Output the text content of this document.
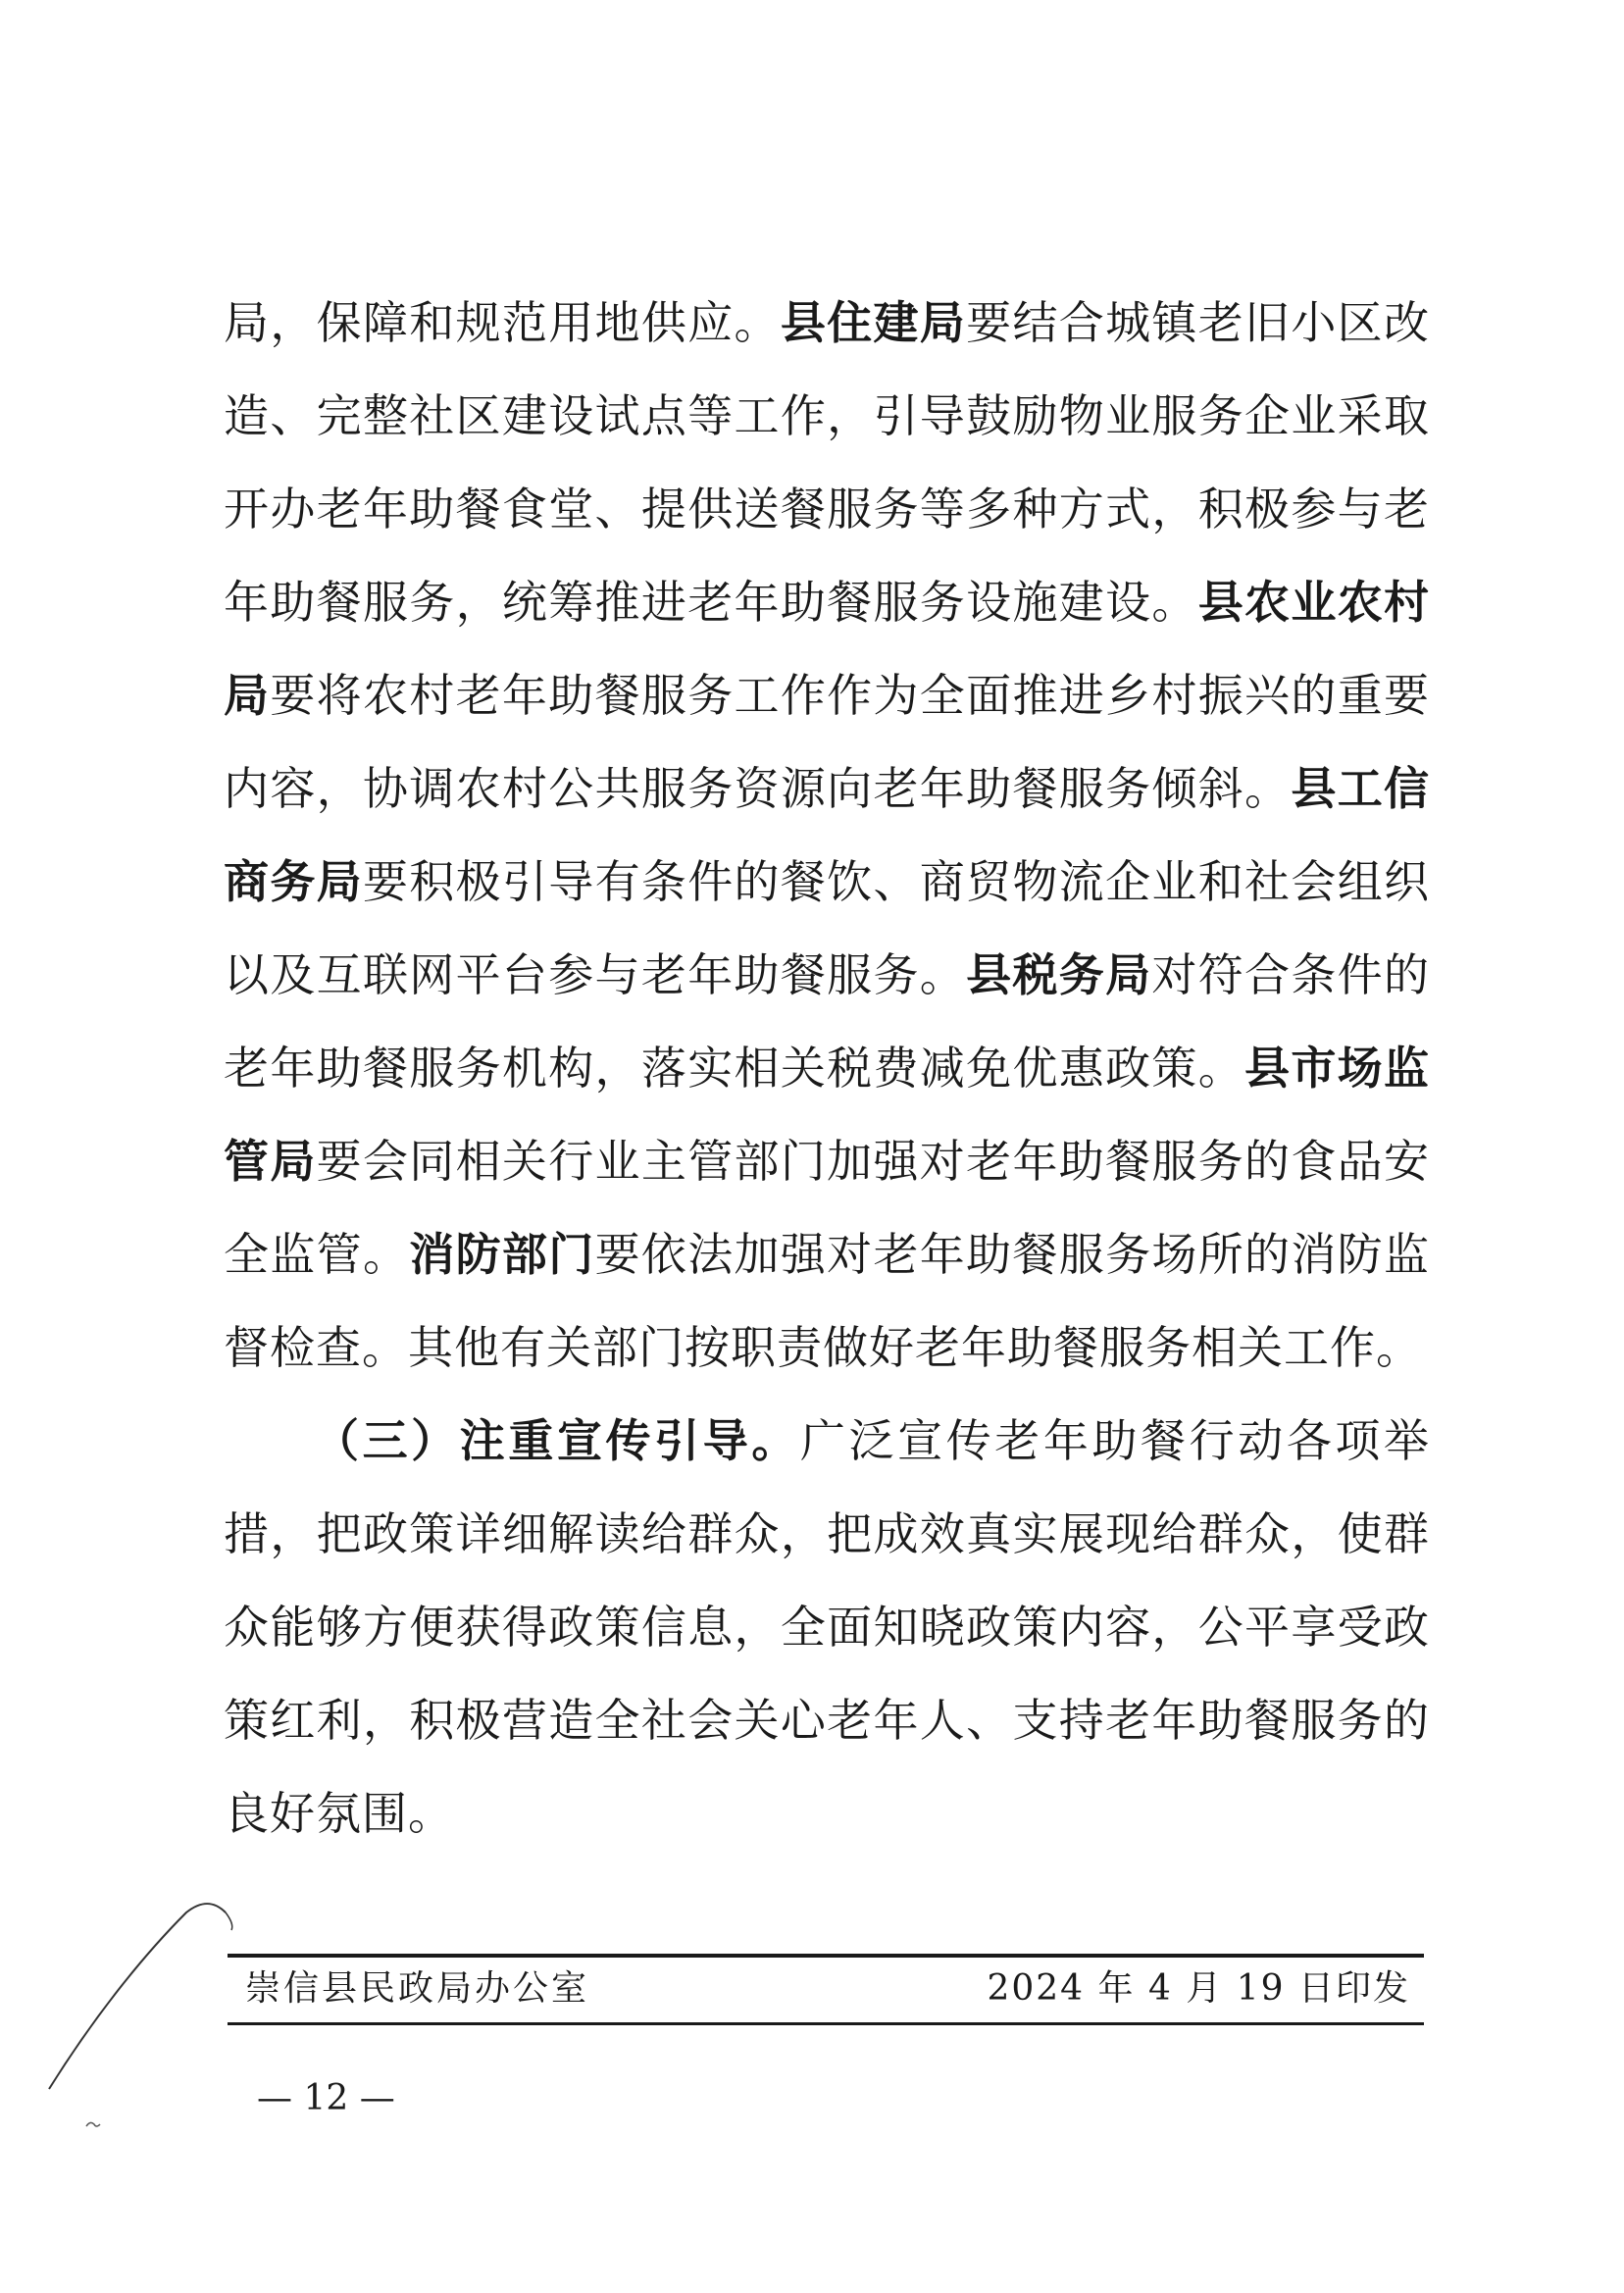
局，保障和规范用地供应。县住建局要结合城镇老旧小区改造、完整社区建设试点等工作，引导鼓励物业服务企业采取开办老年助餐食堂、提供送餐服务等多种方式，积极参与老年助餐服务，统筹推进老年助餐服务设施建设。县农业农村局要将农村老年助餐服务工作作为全面推进乡村振兴的重要内容，协调农村公共服务资源向老年助餐服务倾斜。县工信商务局要积极引导有条件的餐饮、商贸物流企业和社会组织以及互联网平台参与老年助餐服务。县税务局对符合条件的老年助餐服务机构，落实相关税费减免优惠政策。县市场监管局要会同相关行业主管部门加强对老年助餐服务的食品安全监管。消防部门要依法加强对老年助餐服务场所的消防监督检查。其他有关部门按职责做好老年助餐服务相关工作。

（三）注重宣传引导。广泛宣传老年助餐行动各项举措，把政策详细解读给群众，把成效真实展现给群众，使群众能够方便获得政策信息，全面知晓政策内容，公平享受政策红利，积极营造全社会关心老年人、支持老年助餐服务的良好氛围。

崇信县民政局办公室	2024 年 4 月 19 日印发
— 12 —
